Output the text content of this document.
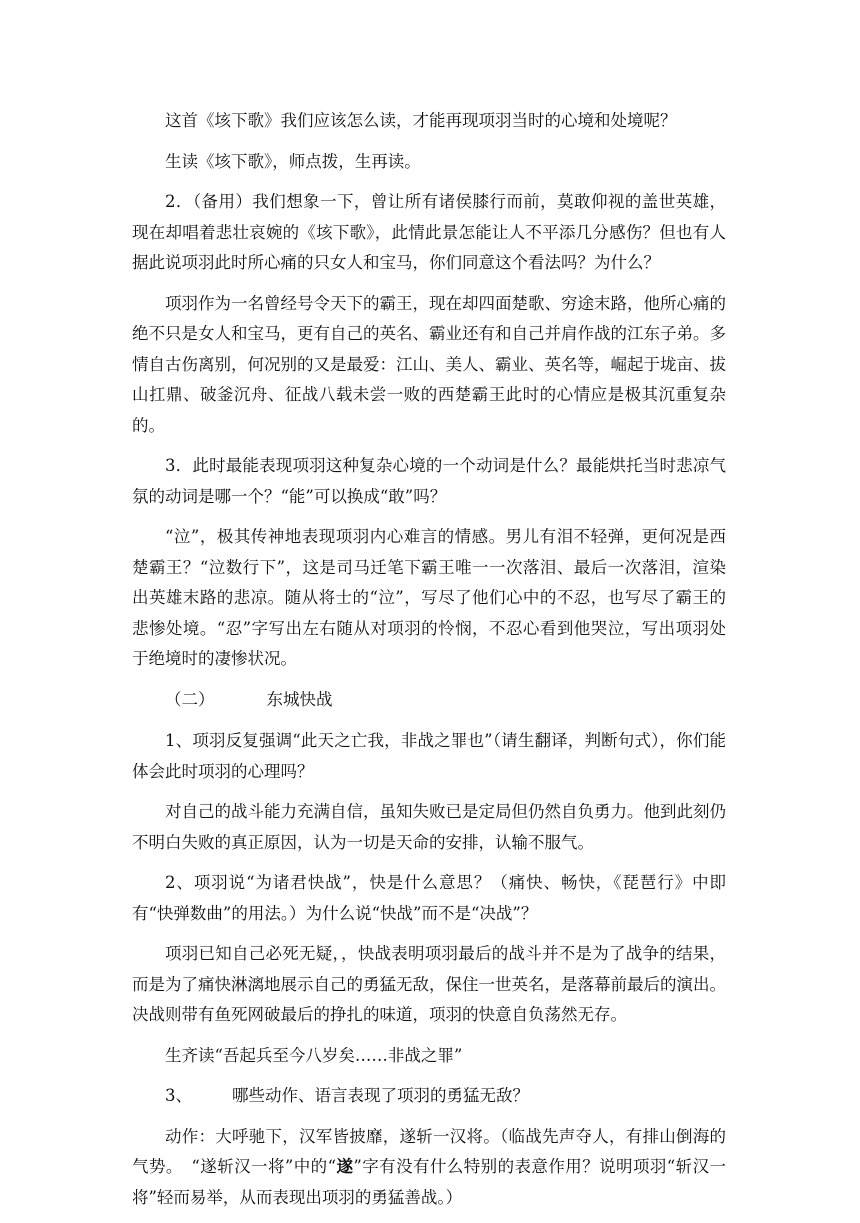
这首《垓下歌》我们应该怎么读，才能再现项羽当时的心境和处境呢？

生读《垓下歌》，师点拨，生再读。

2．（备用）我们想象一下，曾让所有诸侯膝行而前，莫敢仰视的盖世英雄，现在却唱着悲壮哀婉的《垓下歌》，此情此景怎能让人不平添几分感伤？但也有人据此说项羽此时所心痛的只女人和宝马，你们同意这个看法吗？为什么？

项羽作为一名曾经号令天下的霸王，现在却四面楚歌、穷途末路，他所心痛的绝不只是女人和宝马，更有自己的英名、霸业还有和自己并肩作战的江东子弟。多情自古伤离别，何况别的又是最爱：江山、美人、霸业、英名等，崛起于垅亩、拔山扛鼎、破釜沉舟、征战八载未尝一败的西楚霸王此时的心情应是极其沉重复杂的。

3．此时最能表现项羽这种复杂心境的一个动词是什么？最能烘托当时悲凉气氛的动词是哪一个？“能”可以换成“敢”吗？

“泣”，极其传神地表现项羽内心难言的情感。男儿有泪不轻弹，更何况是西楚霸王？“泣数行下”，这是司马迁笔下霸王唯一一次落泪、最后一次落泪，渲染出英雄末路的悲凉。随从将士的“泣”，写尽了他们心中的不忍，也写尽了霸王的悲惨处境。“忍”字写出左右随从对项羽的怜悯，不忍心看到他哭泣，写出项羽处于绝境时的凄惨状况。

（二）	东城快战

1、项羽反复强调“此天之亡我，非战之罪也”（请生翻译，判断句式），你们能体会此时项羽的心理吗？

对自己的战斗能力充满自信，虽知失败已是定局但仍然自负勇力。他到此刻仍不明白失败的真正原因，认为一切是天命的安排，认输不服气。

2、项羽说“为诸君快战”，快是什么意思？（痛快、畅快，《琵琶行》中即有“快弹数曲”的用法。）为什么说“快战”而不是“决战”？

项羽已知自己必死无疑，，快战表明项羽最后的战斗并不是为了战争的结果，而是为了痛快淋漓地展示自己的勇猛无敌，保住一世英名，是落幕前最后的演出。决战则带有鱼死网破最后的挣扎的味道，项羽的快意自负荡然无存。

生齐读“吾起兵至今八岁矣……非战之罪”

3、 哪些动作、语言表现了项羽的勇猛无敌？

动作：大呼驰下，汉军皆披靡，遂斩一汉将。（临战先声夺人，有排山倒海的气势。　“遂斩汉一将”中的“遂”字有没有什么特别的表意作用？说明项羽“斩汉一将”轻而易举，从而表现出项羽的勇猛善战。）
